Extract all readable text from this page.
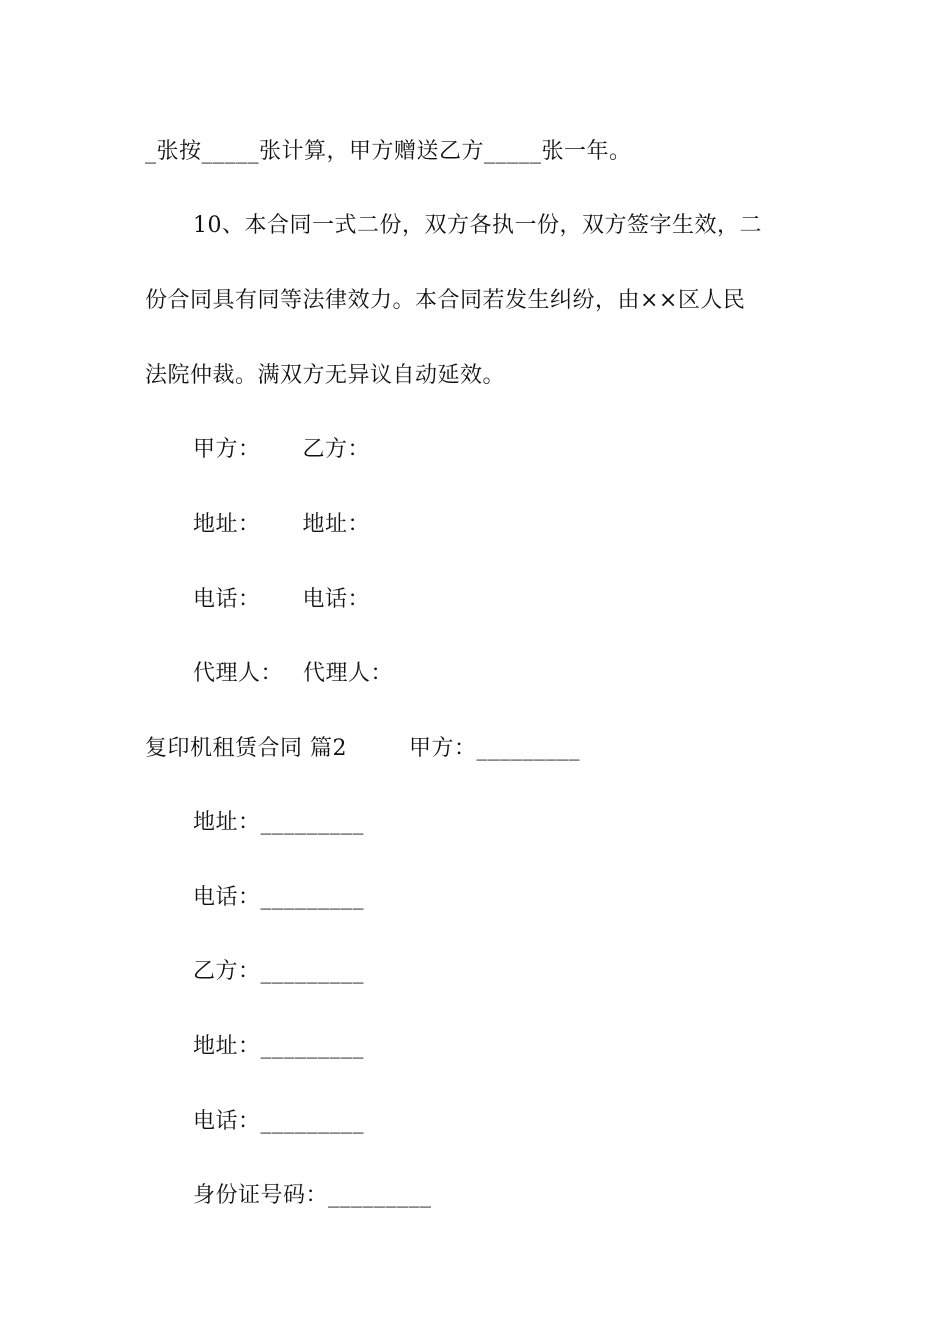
_张按_____张计算，甲方赠送乙方_____张一年。
10、本合同一式二份，双方各执一份，双方签字生效，二
份合同具有同等法律效力。本合同若发生纠纷，由××区人民
法院仲裁。满双方无异议自动延效。
甲方： 乙方：
地址： 地址：
电话： 电话：
代理人： 代理人：
复印机租赁合同 篇2	甲方：_________
地址：_________
电话：_________
乙方：_________
地址：_________
电话：_________
身份证号码：_________
